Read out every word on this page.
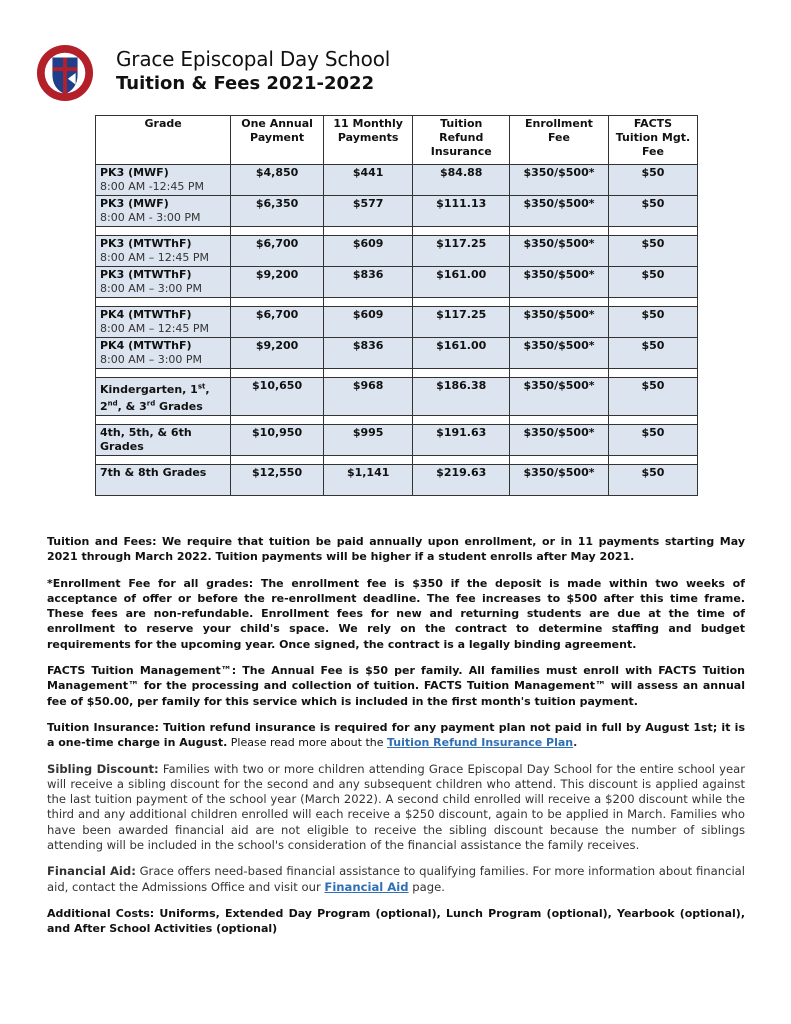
Grace Episcopal Day School
Tuition & Fees 2021-2022
Grade	One Annual Payment	11 Monthly Payments	Tuition Refund Insurance	Enrollment Fee	FACTS Tuition Mgt. Fee
PK3 (MWF)
8:00 AM -12:45 PM	$4,850	$441	$84.88	$350/$500*	$50
PK3 (MWF)
8:00 AM - 3:00 PM	$6,350	$577	$111.13	$350/$500*	$50

PK3 (MTWThF)
8:00 AM – 12:45 PM	$6,700	$609	$117.25	$350/$500*	$50
PK3 (MTWThF)
8:00 AM – 3:00 PM	$9,200	$836	$161.00	$350/$500*	$50

PK4 (MTWThF)
8:00 AM – 12:45 PM	$6,700	$609	$117.25	$350/$500*	$50
PK4 (MTWThF)
8:00 AM – 3:00 PM	$9,200	$836	$161.00	$350/$500*	$50

Kindergarten, 1st, 2nd, & 3rd Grades	$10,650	$968	$186.38	$350/$500*	$50

4th, 5th, & 6th Grades	$10,950	$995	$191.63	$350/$500*	$50

7th & 8th Grades	$12,550	$1,141	$219.63	$350/$500*	$50

Tuition and Fees: We require that tuition be paid annually upon enrollment, or in 11 payments starting May 2021 through March 2022. Tuition payments will be higher if a student enrolls after May 2021.

*Enrollment Fee for all grades: The enrollment fee is $350 if the deposit is made within two weeks of acceptance of offer or before the re-enrollment deadline. The fee increases to $500 after this time frame. These fees are non-refundable. Enrollment fees for new and returning students are due at the time of enrollment to reserve your child's space. We rely on the contract to determine staffing and budget requirements for the upcoming year. Once signed, the contract is a legally binding agreement.

FACTS Tuition Management™: The Annual Fee is $50 per family. All families must enroll with FACTS Tuition Management™ for the processing and collection of tuition. FACTS Tuition Management™ will assess an annual fee of $50.00, per family for this service which is included in the first month's tuition payment.

Tuition Insurance: Tuition refund insurance is required for any payment plan not paid in full by August 1st; it is a one-time charge in August. Please read more about the Tuition Refund Insurance Plan.

Sibling Discount: Families with two or more children attending Grace Episcopal Day School for the entire school year will receive a sibling discount for the second and any subsequent children who attend. This discount is applied against the last tuition payment of the school year (March 2022). A second child enrolled will receive a $200 discount while the third and any additional children enrolled will each receive a $250 discount, again to be applied in March. Families who have been awarded financial aid are not eligible to receive the sibling discount because the number of siblings attending will be included in the school's consideration of the financial assistance the family receives.

Financial Aid: Grace offers need-based financial assistance to qualifying families. For more information about financial aid, contact the Admissions Office and visit our Financial Aid page.

Additional Costs: Uniforms, Extended Day Program (optional), Lunch Program (optional), Yearbook (optional), and After School Activities (optional)
